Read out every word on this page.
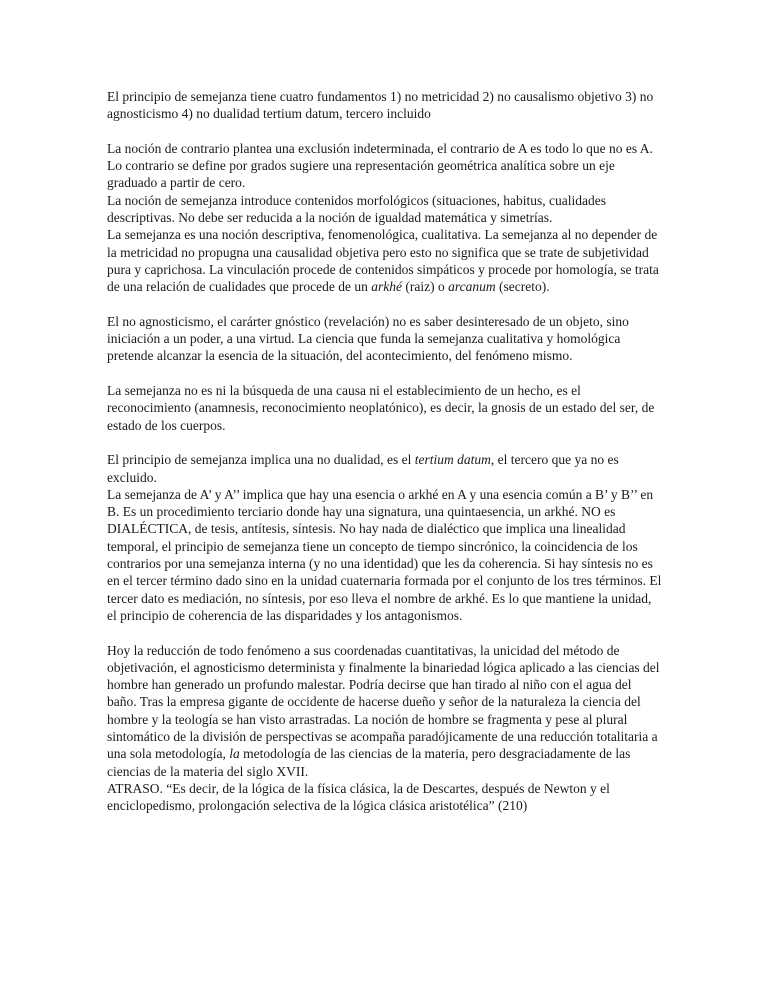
El principio de semejanza tiene cuatro fundamentos 1) no metricidad 2) no causalismo objetivo 3) no agnosticismo 4) no dualidad tertium datum, tercero incluido

La noción de contrario plantea una exclusión indeterminada, el contrario de A es todo lo que no es A. Lo contrario se define por grados sugiere una representación geométrica analítica sobre un eje graduado a partir de cero.

La noción de semejanza introduce contenidos morfológicos (situaciones, habitus, cualidades descriptivas. No debe ser reducida a la noción de igualdad matemática y simetrías.

La semejanza es una noción descriptiva, fenomenológica, cualitativa. La semejanza al no depender de la metricidad no propugna una causalidad objetiva pero esto no significa que se trate de subjetividad pura y caprichosa. La vinculación procede de contenidos simpáticos y procede por homología, se trata de una relación de cualidades que procede de un arkhé (raiz) o arcanum (secreto).

El no agnosticismo, el carárter gnóstico (revelación) no es saber desinteresado de un objeto, sino iniciación a un poder, a una virtud. La ciencia que funda la semejanza cualitativa y homológica pretende alcanzar la esencia de la situación, del acontecimiento, del fenómeno mismo.

La semejanza no es ni la búsqueda de una causa ni el establecimiento de un hecho, es el reconocimiento (anamnesis, reconocimiento neoplatónico), es decir, la gnosis de un estado del ser, de estado de los cuerpos.

El principio de semejanza implica una no dualidad, es el tertium datum, el tercero que ya no es excluido.

La semejanza de A’ y A’’ implica que hay una esencia o arkhé en A y una esencia común a B’ y B’’ en B. Es un procedimiento terciario donde hay una signatura, una quintaesencia, un arkhé. NO es DIALÉCTICA, de tesis, antítesis, síntesis. No hay nada de dialéctico que implica una linealidad temporal, el principio de semejanza tiene un concepto de tiempo sincrónico, la coincidencia de los contrarios por una semejanza interna (y no una identidad) que les da coherencia. Si hay síntesis no es en el tercer término dado sino en la unidad cuaternaria formada por el conjunto de los tres términos. El tercer dato es mediación, no síntesis, por eso lleva el nombre de arkhé. Es lo que mantiene la unidad, el principio de coherencia de las disparidades y los antagonismos.

Hoy la reducción de todo fenómeno a sus coordenadas cuantitativas, la unicidad del método de objetivación, el agnosticismo determinista y finalmente la binariedad lógica aplicado a las ciencias del hombre han generado un profundo malestar. Podría decirse que han tirado al niño con el agua del baño. Tras la empresa gigante de occidente de hacerse dueño y señor de la naturaleza la ciencia del hombre y la teología se han visto arrastradas. La noción de hombre se fragmenta y pese al plural sintomático de la división de perspectivas se acompaña paradójicamente de una reducción totalitaria a una sola metodología, la metodología de las ciencias de la materia, pero desgraciadamente de las ciencias de la materia del siglo XVII.

ATRASO. “Es decir, de la lógica de la física clásica, la de Descartes, después de Newton y el enciclopedismo, prolongación selectiva de la lógica clásica aristotélica” (210)
